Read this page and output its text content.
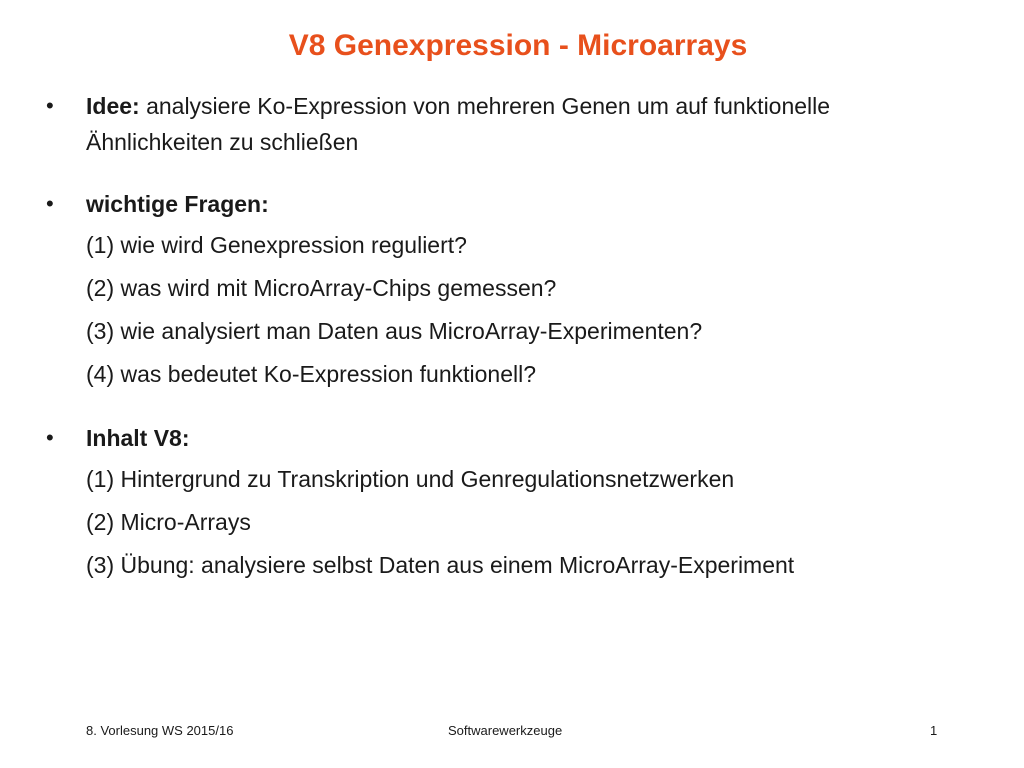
V8 Genexpression - Microarrays
•	Idee: analysiere Ko-Expression von mehreren Genen um auf funktionelle
Ähnlichkeiten zu schließen
•	wichtige Fragen:
(1) wie wird Genexpression reguliert?
(2) was wird mit MicroArray-Chips gemessen?
(3) wie analysiert man Daten aus MicroArray-Experimenten?
(4) was bedeutet Ko-Expression funktionell?
•	Inhalt V8:
(1) Hintergrund zu Transkription und Genregulationsnetzwerken
(2) Micro-Arrays
(3) Übung: analysiere selbst Daten aus einem MicroArray-Experiment
8. Vorlesung WS 2015/16	Softwarewerkzeuge	1
